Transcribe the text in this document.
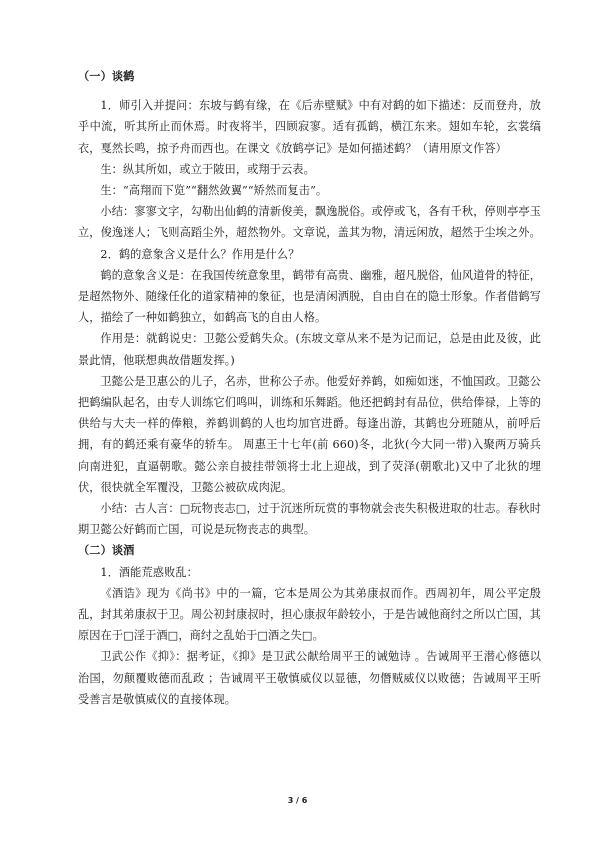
（一）谈鹤

1．师引入并提问：东坡与鹤有缘，在《后赤壁赋》中有对鹤的如下描述：反而登舟，放乎中流，听其所止而休焉。时夜将半，四顾寂寥。适有孤鹤，横江东来。翅如车轮，玄裳缟衣，戛然长鸣，掠予舟而西也。在课文《放鹤亭记》是如何描述鹤？（请用原文作答）

生：纵其所如，或立于陂田，或翔于云表。

生：“高翔而下览”“翻然敛翼”“矫然而复击”。

小结：寥寥文字，勾勒出仙鹤的清新俊美，飘逸脱俗。或停或飞，各有千秋，停则亭亭玉立，俊逸迷人；飞则高蹈尘外，超然物外。文章说，盖其为物，清远闲放，超然于尘埃之外。

2．鹤的意象含义是什么？作用是什么？

鹤的意象含义是：在我国传统意象里，鹤带有高贵、幽雅，超凡脱俗，仙风道骨的特征，是超然物外、随缘任化的道家精神的象征，也是清闲洒脱，自由自在的隐士形象。作者借鹤写人，描绘了一种如鹤独立，如鹤高飞的自由人格。

作用是：就鹤说史：卫懿公爱鹤失众。(东坡文章从来不是为记而记，总是由此及彼，此景此情，他联想典故借题发挥。)

卫懿公是卫惠公的儿子，名赤，世称公子赤。他爱好养鹤，如痴如迷，不恤国政。卫懿公把鹤编队起名，由专人训练它们鸣叫，训练和乐舞蹈。他还把鹤封有品位，供给俸禄，上等的供给与大夫一样的俸粮，养鹤训鹤的人也均加官进爵。每逢出游，其鹤也分班随从，前呼后拥，有的鹤还乘有豪华的轿车。 周惠王十七年(前 660)冬，北狄(今大同一带)入聚两万骑兵向南进犯，直逼朝歌。懿公亲自披挂带领将士北上迎战，到了荧泽(朝歌北)又中了北狄的埋伏，很快就全军覆没，卫懿公被砍成肉泥。

小结：古人言：□玩物丧志□，过于沉迷所玩赏的事物就会丧失积极进取的壮志。春秋时期卫懿公好鹤而亡国，可说是玩物丧志的典型。

（二）谈酒

1．酒能荒惑败乱：

《酒诰》现为《尚书》中的一篇，它本是周公为其弟康叔而作。西周初年，周公平定殷乱，封其弟康叔于卫。周公初封康叔时，担心康叔年龄较小，于是告诫他商纣之所以亡国，其原因在于□淫于酒□，商纣之乱始于□酒之失□。

卫武公作《抑》：据考证，《抑》是卫武公献给周平王的诫勉诗 。告诫周平王潜心修德以治国，勿颠覆败德而乱政 ；告诫周平王敬慎威仪以显德，勿僭贼威仪以败德；告诫周平王听受善言是敬慎威仪的直接体现。

3 / 6
